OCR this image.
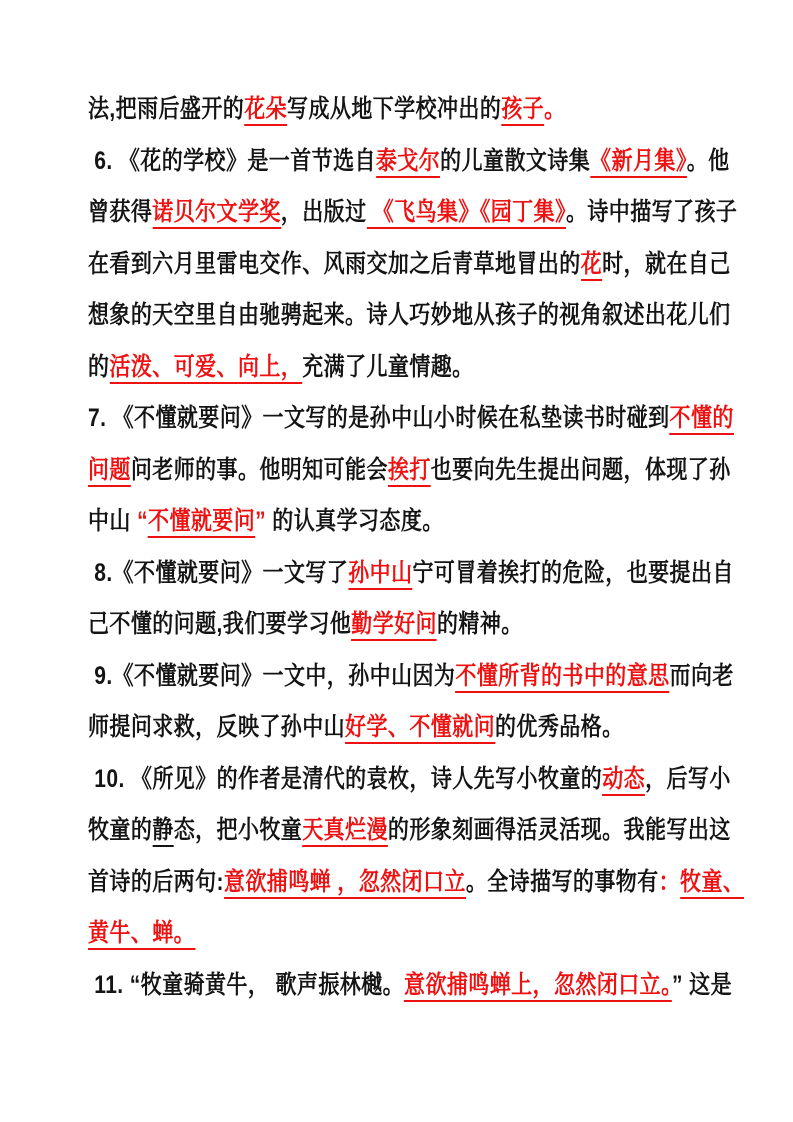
法,把雨后盛开的花朵写成从地下学校冲出的孩子。
6. 《花的学校》是一首节选自泰戈尔的儿童散文诗集《新月集》。他
曾获得诺贝尔文学奖，出版过 《飞鸟集》《园丁集》。诗中描写了孩子
在看到六月里雷电交作、风雨交加之后青草地冒出的花时，就在自己
想象的天空里自由驰骋起来。诗人巧妙地从孩子的视角叙述出花儿们
的活泼、可爱、向上，充满了儿童情趣。
7. 《不懂就要问》一文写的是孙中山小时候在私垫读书时碰到不懂的
问题问老师的事。他明知可能会挨打也要向先生提出问题，体现了孙
中山 “不懂就要问” 的认真学习态度。
8.《不懂就要问》一文写了孙中山宁可冒着挨打的危险，也要提出自
己不懂的问题,我们要学习他勤学好问的精神。
9.《不懂就要问》一文中，孙中山因为不懂所背的书中的意思而向老
师提问求救，反映了孙中山好学、不懂就问的优秀品格。
10. 《所见》的作者是清代的袁枚，诗人先写小牧童的动态，后写小
牧童的静态，把小牧童天真烂漫的形象刻画得活灵活现。我能写出这
首诗的后两句:意欲捕鸣蝉 ，忽然闭口立。全诗描写的事物有：牧童、
黄牛、蝉。
11. “牧童骑黄牛， 歌声振林樾。意欲捕鸣蝉上，忽然闭口立。” 这是
